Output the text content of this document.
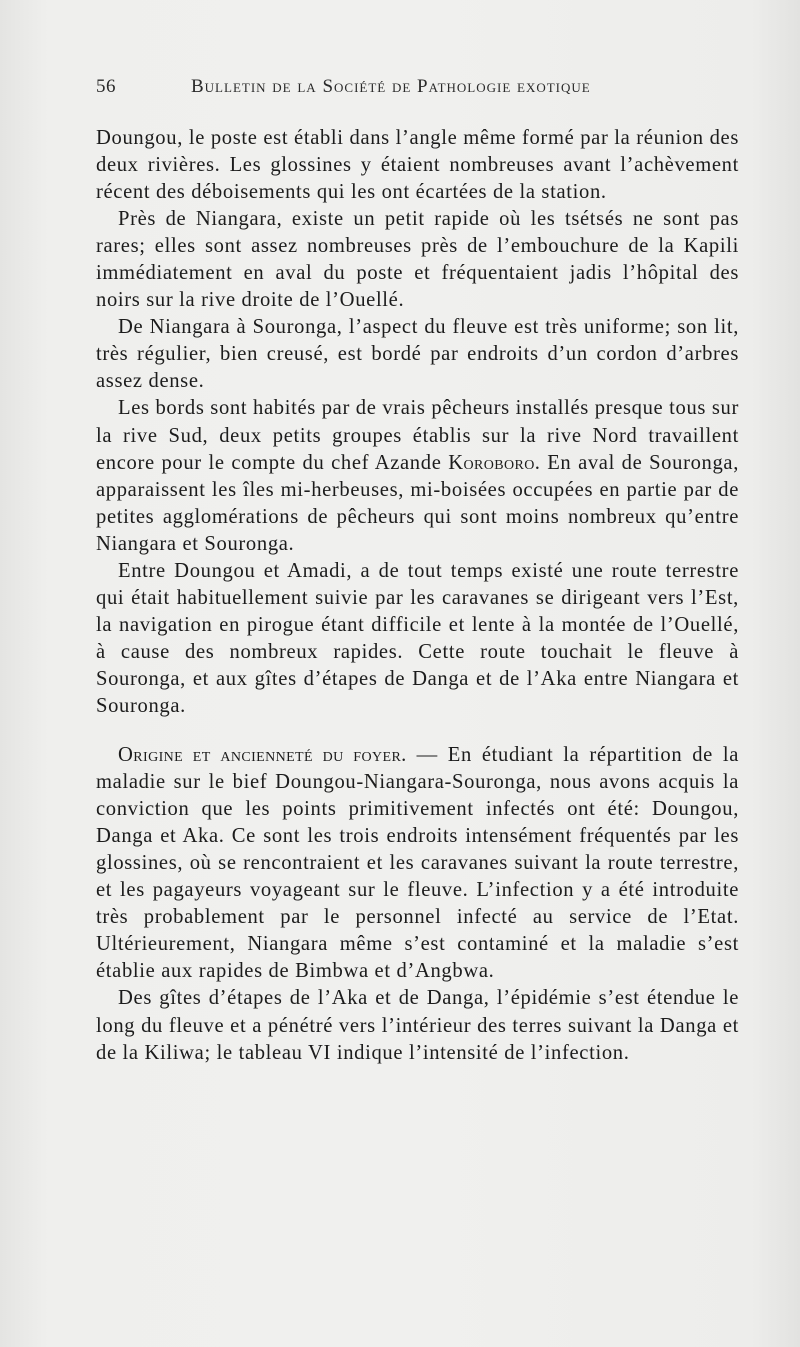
56	Bulletin de la Société de Pathologie exotique

Doungou, le poste est établi dans l’angle même formé par la réunion des deux rivières. Les glossines y étaient nombreuses avant l’achèvement récent des déboisements qui les ont écartées de la station.

Près de Niangara, existe un petit rapide où les tsétsés ne sont pas rares; elles sont assez nombreuses près de l’embouchure de la Kapili immédiatement en aval du poste et fréquentaient jadis l’hôpital des noirs sur la rive droite de l’Ouellé.

De Niangara à Souronga, l’aspect du fleuve est très uniforme; son lit, très régulier, bien creusé, est bordé par endroits d’un cordon d’arbres assez dense.

Les bords sont habités par de vrais pêcheurs installés presque tous sur la rive Sud, deux petits groupes établis sur la rive Nord travaillent encore pour le compte du chef Azande Koroboro. En aval de Souronga, apparaissent les îles mi-herbeuses, mi-boisées occupées en partie par de petites agglomérations de pêcheurs qui sont moins nombreux qu’entre Niangara et Souronga.

Entre Doungou et Amadi, a de tout temps existé une route terrestre qui était habituellement suivie par les caravanes se dirigeant vers l’Est, la navigation en pirogue étant difficile et lente à la montée de l’Ouellé, à cause des nombreux rapides. Cette route touchait le fleuve à Souronga, et aux gîtes d’étapes de Danga et de l’Aka entre Niangara et Souronga.

Origine et ancienneté du foyer. — En étudiant la répartition de la maladie sur le bief Doungou-Niangara-Souronga, nous avons acquis la conviction que les points primitivement infectés ont été: Doungou, Danga et Aka. Ce sont les trois endroits intensément fréquentés par les glossines, où se rencontraient et les caravanes suivant la route terrestre, et les pagayeurs voyageant sur le fleuve. L’infection y a été introduite très probablement par le personnel infecté au service de l’Etat. Ultérieurement, Niangara même s’est contaminé et la maladie s’est établie aux rapides de Bimbwa et d’Angbwa.

Des gîtes d’étapes de l’Aka et de Danga, l’épidémie s’est étendue le long du fleuve et a pénétré vers l’intérieur des terres suivant la Danga et de la Kiliwa; le tableau VI indique l’intensité de l’infection.
